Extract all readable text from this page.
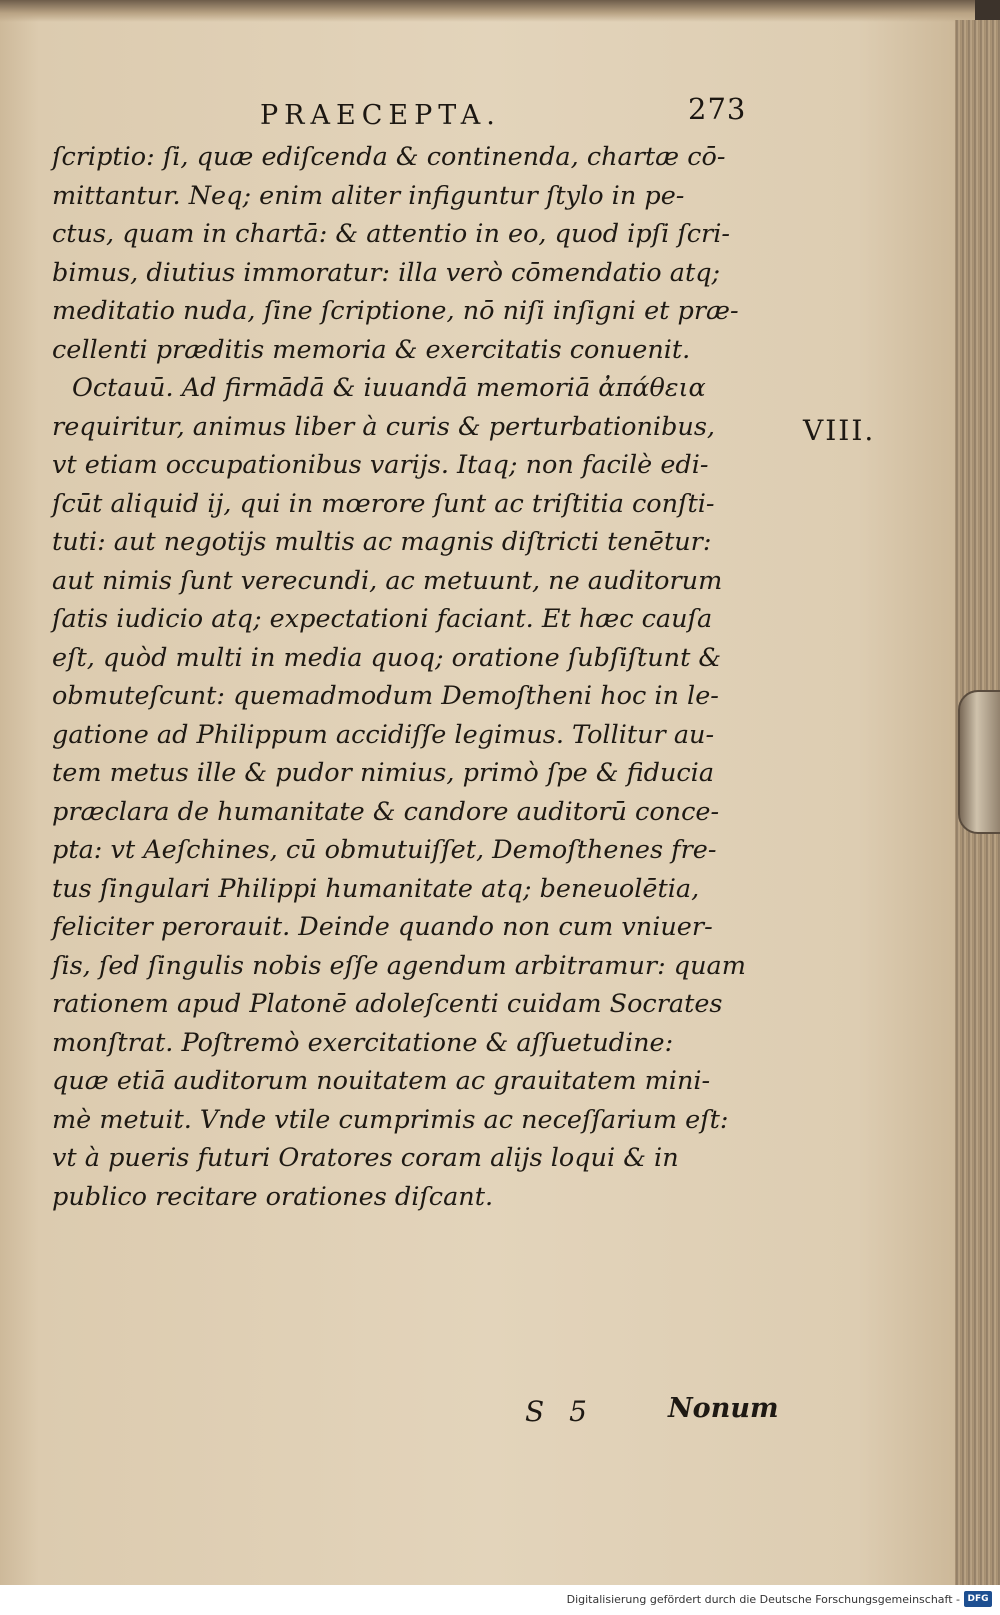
PRAECEPTA.	273
VIII.
ſcriptio: ſi, quæ ediſcenda & continenda, chartæ cō-
mittantur. Neq; enim aliter infiguntur ſtylo in pe-
ctus, quam in chartā: & attentio in eo, quod ipſi ſcri-
bimus, diutius immoratur: illa verò cōmendatio atq;
meditatio nuda, ſine ſcriptione, nō niſi inſigni et præ-
cellenti præditis memoria & exercitatis conuenit.
Octauū. Ad firmādā & iuuandā memoriā ἀπάθεια
requiritur, animus liber à curis & perturbationibus,
vt etiam occupationibus varijs. Itaq; non facilè edi-
ſcūt aliquid ij, qui in mœrore ſunt ac triſtitia conſti-
tuti: aut negotijs multis ac magnis diſtricti tenētur:
aut nimis ſunt verecundi, ac metuunt, ne auditorum
ſatis iudicio atq; expectationi faciant. Et hæc cauſa
eſt, quòd multi in media quoq; oratione ſubſiſtunt &
obmuteſcunt: quemadmodum Demoſtheni hoc in le-
gatione ad Philippum accidiſſe legimus. Tollitur au-
tem metus ille & pudor nimius, primò ſpe & fiducia
præclara de humanitate & candore auditorū conce-
pta: vt Aeſchines, cū obmutuiſſet, Demoſthenes fre-
tus ſingulari Philippi humanitate atq; beneuolētia,
feliciter perorauit. Deinde quando non cum vniuer-
ſis, ſed ſingulis nobis eſſe agendum arbitramur: quam
rationem apud Platonē adoleſcenti cuidam Socrates
monſtrat. Poſtremò exercitatione & aſſuetudine:
quæ etiā auditorum nouitatem ac grauitatem mini-
mè metuit. Vnde vtile cumprimis ac neceſſarium eſt:
vt à pueris futuri Oratores coram alijs loqui & in
publico recitare orationes diſcant.
S 5	Nonum
Digitalisierung gefördert durch die Deutsche Forschungsgemeinschaft - DFG
